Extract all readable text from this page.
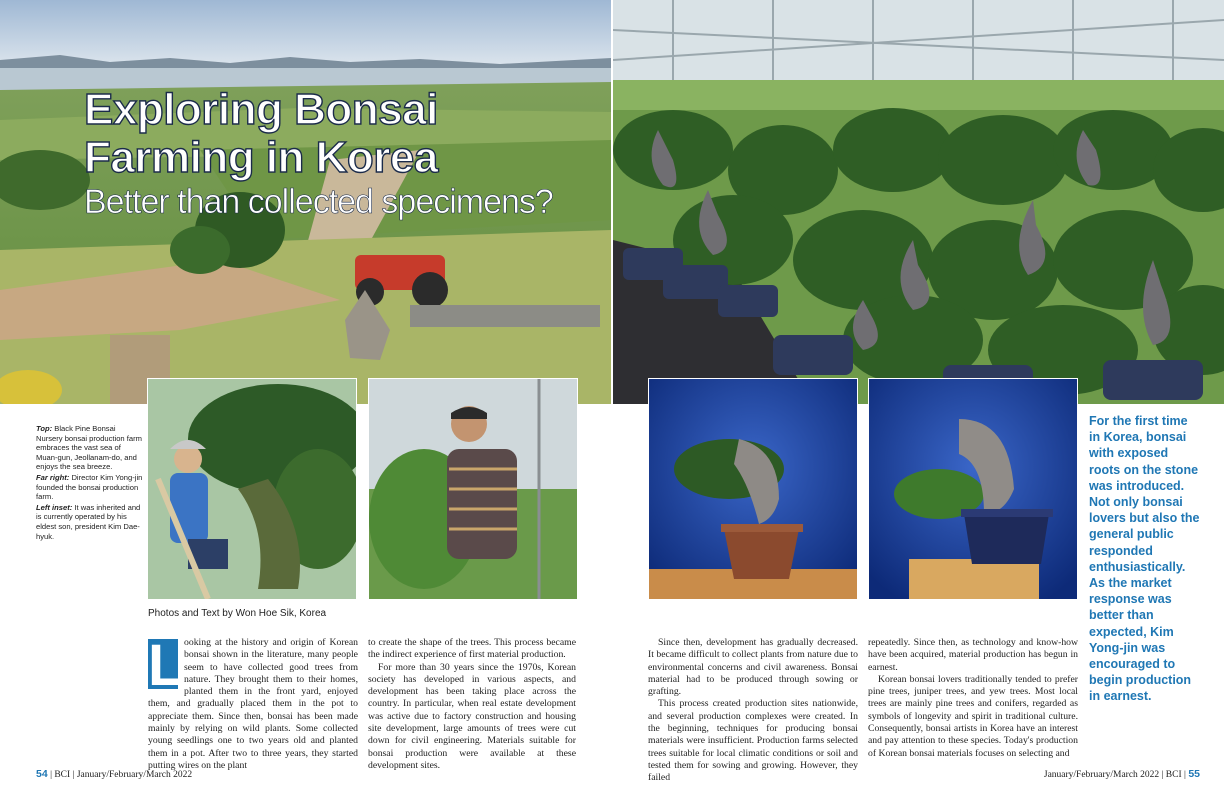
Exploring Bonsai
Farming in Korea
Better than collected specimens?

Top: Black Pine Bonsai Nursery bonsai production farm embraces the vast sea of Muan-gun, Jeollanam-do, and enjoys the sea breeze.

Far right: Director Kim Yong-jin founded the bonsai production farm.

Left inset: It was inherited and is currently operated by his eldest son, president Kim Dae-hyuk.

Photos and Text by Won Hoe Sik, Korea

L ooking at the history and origin of Korean bonsai shown in the literature, many people seem to have collected good trees from nature. They brought them to their homes, planted them in the front yard, enjoyed them, and gradually placed them in the pot to appreciate them. Since then, bonsai has been made mainly by relying on wild plants. Some collected young seedlings one to two years old and planted them in a pot. After two to three years, they started putting wires on the plant

to create the shape of the trees. This process became the indirect experience of first material production.

For more than 30 years since the 1970s, Korean society has developed in various aspects, and development has been taking place across the country. In particular, when real estate development was active due to factory construction and housing site development, large amounts of trees were cut down for civil engineering. Materials suitable for bonsai production were available at these development sites.

Since then, development has gradually decreased. It became difficult to collect plants from nature due to environmental concerns and civil awareness. Bonsai material had to be produced through sowing or grafting.

This process created production sites nationwide, and several production complexes were created. In the beginning, techniques for producing bonsai materials were insufficient. Production farms selected trees suitable for local climatic conditions or soil and tested them for sowing and growing. However, they failed

repeatedly. Since then, as technology and know-how have been acquired, material production has begun in earnest.

Korean bonsai lovers traditionally tended to prefer pine trees, juniper trees, and yew trees. Most local trees are mainly pine trees and conifers, regarded as symbols of longevity and spirit in traditional culture. Consequently, bonsai artists in Korea have an interest and pay attention to these species. Today's production of Korean bonsai materials focuses on selecting and

For the first time in Korea, bonsai with exposed roots on the stone was introduced. Not only bonsai lovers but also the general public responded enthusiastically. As the market response was better than expected, Kim Yong-jin was encouraged to begin production in earnest.
54 | BCI | January/February/March 2022	January/February/March 2022 | BCI | 55
